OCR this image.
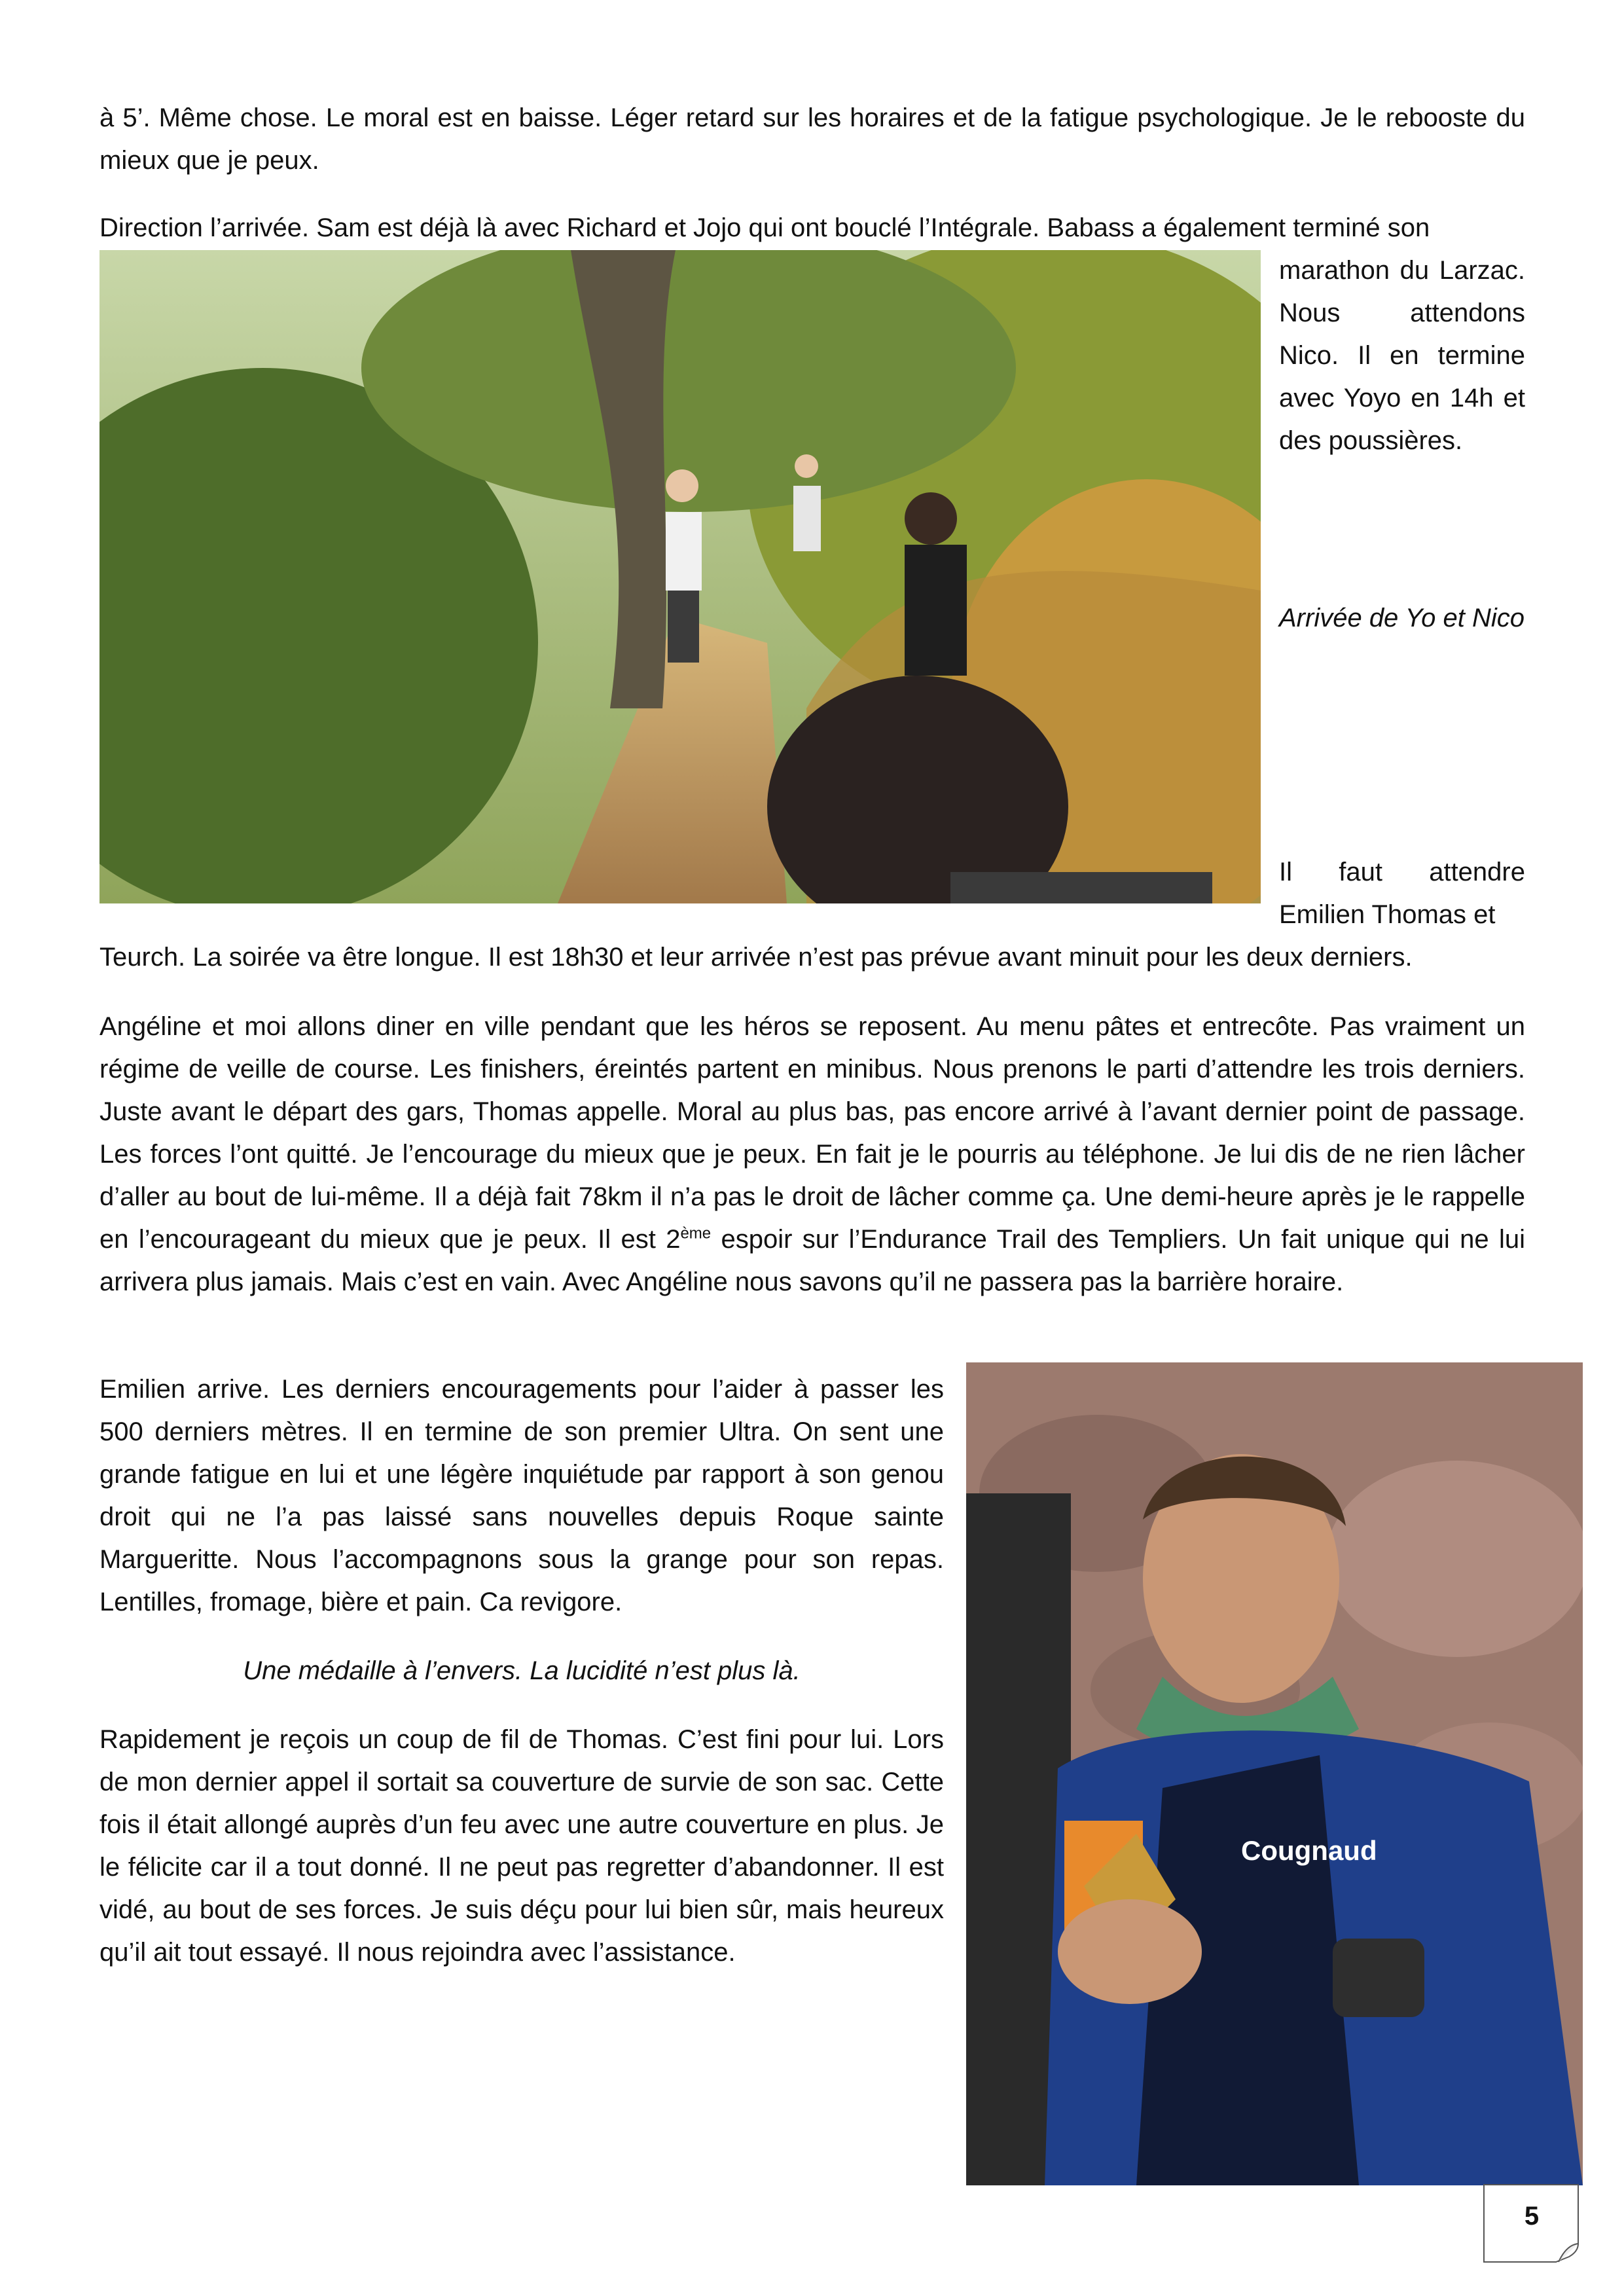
à 5’. Même chose. Le moral est en baisse. Léger retard sur les horaires et de la fatigue psychologique. Je le rebooste du mieux que je peux.

Direction l’arrivée. Sam est déjà là avec Richard et Jojo qui ont bouclé l’Intégrale. Babass a également terminé son

marathon du Larzac. Nous attendons Nico. Il en termine avec Yoyo en 14h et des poussières.

Arrivée de Yo et Nico

Il faut attendre Emilien Thomas et

Teurch. La soirée va être longue. Il est 18h30 et leur arrivée n’est pas prévue avant minuit pour les deux derniers.

Angéline et moi allons diner en ville pendant que les héros se reposent. Au menu pâtes et entrecôte. Pas vraiment un régime de veille de course. Les finishers, éreintés partent en minibus. Nous prenons le parti d’attendre les trois derniers. Juste avant le départ des gars, Thomas appelle. Moral au plus bas, pas encore arrivé à l’avant dernier point de passage. Les forces l’ont quitté. Je l’encourage du mieux que je peux. En fait je le pourris au téléphone. Je lui dis de ne rien lâcher d’aller au bout de lui-même. Il a déjà fait 78km il n’a pas le droit de lâcher comme ça. Une demi-heure après je le rappelle en l’encourageant du mieux que je peux. Il est 2ème espoir sur l’Endurance Trail des Templiers. Un fait unique qui ne lui arrivera plus jamais. Mais c’est en vain. Avec Angéline nous savons qu’il ne passera pas la barrière horaire.

Emilien arrive. Les derniers encouragements pour l’aider à passer les 500 derniers mètres. Il en termine de son premier Ultra. On sent une grande fatigue en lui et une légère inquiétude par rapport à son genou droit qui ne l’a pas laissé sans nouvelles depuis Roque sainte Margueritte. Nous l’accompagnons sous la grange pour son repas. Lentilles, fromage, bière et pain. Ca revigore.

Une médaille à l’envers. La lucidité n’est plus là.

Rapidement je reçois un coup de fil de Thomas. C’est fini pour lui. Lors de mon dernier appel il sortait sa couverture de survie de son sac. Cette fois il était allongé auprès d’un feu avec une autre couverture en plus. Je le félicite car il a tout donné. Il ne peut pas regretter d’abandonner. Il est vidé, au bout de ses forces. Je suis déçu pour lui bien sûr, mais heureux qu’il ait tout essayé. Il nous rejoindra avec l’assistance.

Cougnaud
5
